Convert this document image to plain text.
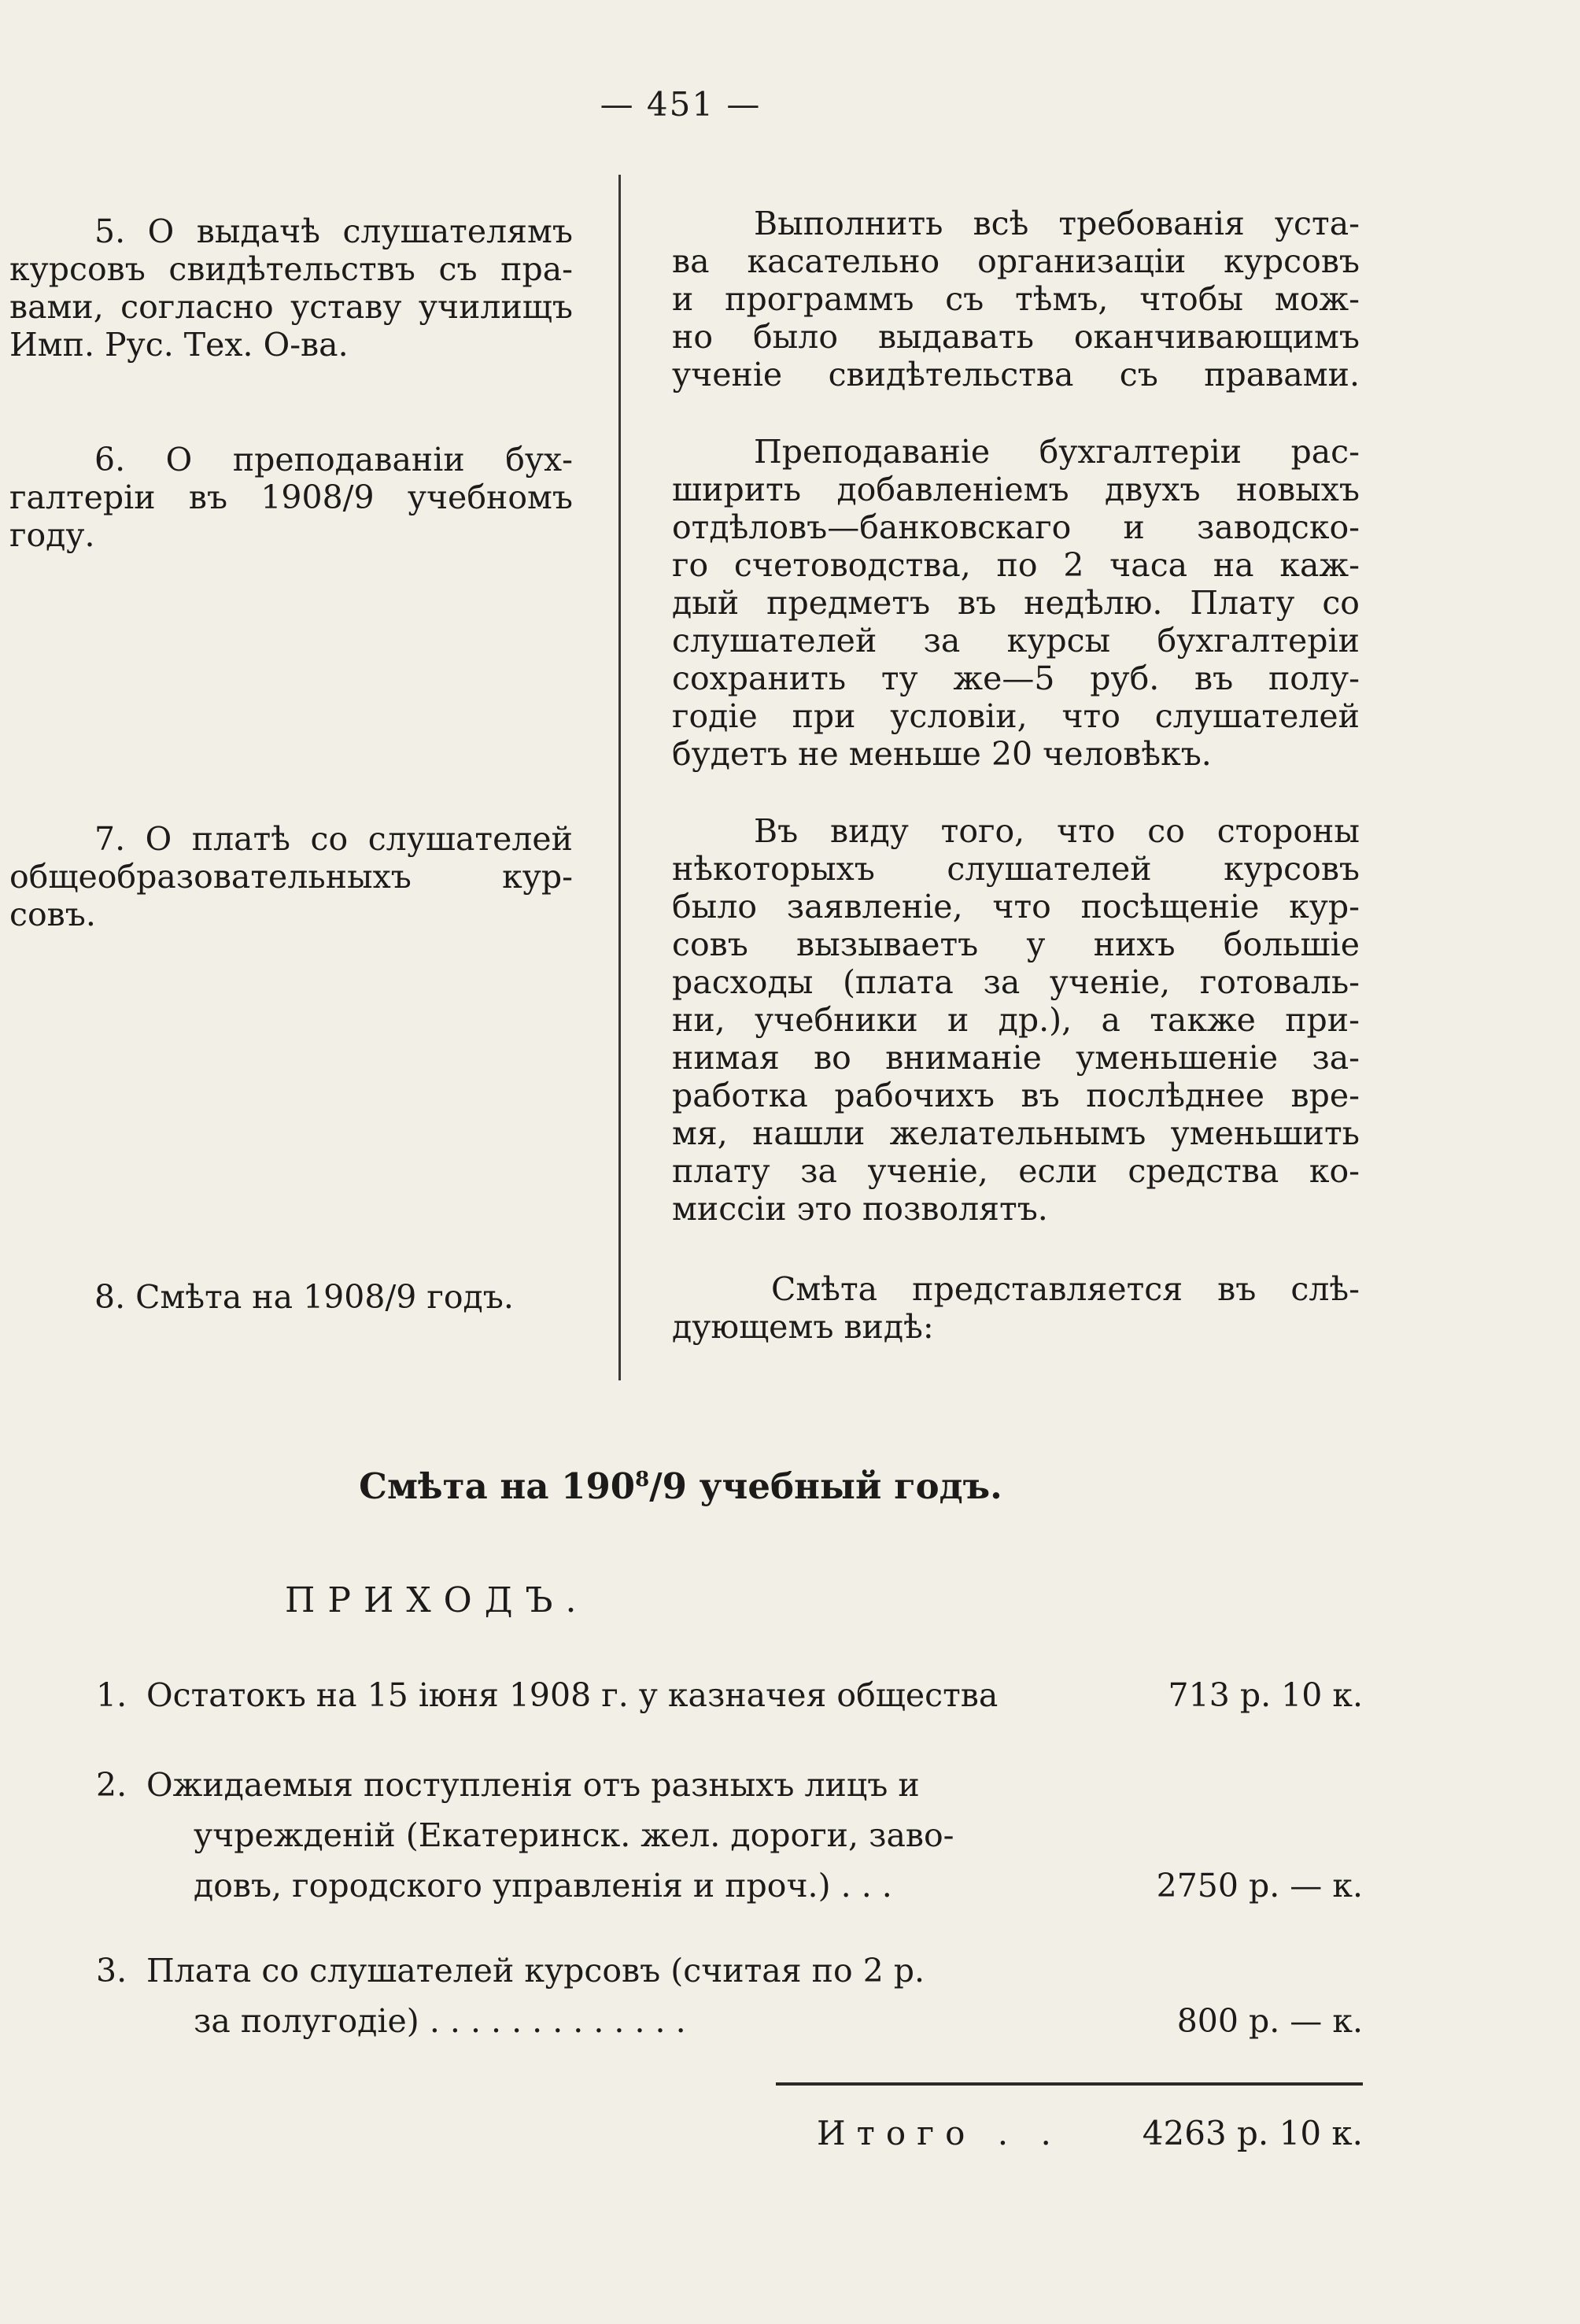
— 451 —
5. О выдачѣ слушателямъ
курсовъ свидѣтельствъ съ пра-
вами, согласно уставу училищъ
Имп. Рус. Тех. О-ва.
6. О преподаваніи бух-
галтеріи въ 1908/9 учебномъ
году.
7. О платѣ со слушателей
общеобразовательныхъ кур-
совъ.
8. Смѣта на 1908/9 годъ.
Выполнить всѣ требованія уста-
ва касательно организаціи курсовъ
и программъ съ тѣмъ, чтобы мож-
но было выдавать оканчивающимъ
ученіе свидѣтельства съ правами.
Преподаваніе бухгалтеріи рас-
ширить добавленіемъ двухъ новыхъ
отдѣловъ—банковскаго и заводско-
го счетоводства, по 2 часа на каж-
дый предметъ въ недѣлю. Плату со
слушателей за курсы бухгалтеріи
сохранить ту же—5 руб. въ полу-
годіе при условіи, что слушателей
будетъ не меньше 20 человѣкъ.
Въ виду того, что со стороны
нѣкоторыхъ слушателей курсовъ
было заявленіе, что посѣщеніе кур-
совъ вызываетъ у нихъ большіе
расходы (плата за ученіе, готоваль-
ни, учебники и др.), а также при-
нимая во вниманіе уменьшеніе за-
работка рабочихъ въ послѣднее вре-
мя, нашли желательнымъ уменьшить
плату за ученіе, если средства ко-
миссіи это позволятъ.
Смѣта представляется въ слѣ-
дующемъ видѣ:
Смѣта на $190^8/9$ учебный годъ.
ПРИХОДЪ.
1. Остатокъ на 15 іюня 1908 г. у казначея общества	713 р. 10 к.
2. Ожидаемыя поступленія отъ разныхъ лицъ и
учрежденій (Екатеринск. жел. дороги, заво-
довъ, городского управленія и проч.) . . .	2750 р. — к.
3. Плата со слушателей курсовъ (считая по 2 р.
за полугодіе) . . . . . . . . . . . . .	800 р. — к.
Итого . . 4263 р. 10 к.
